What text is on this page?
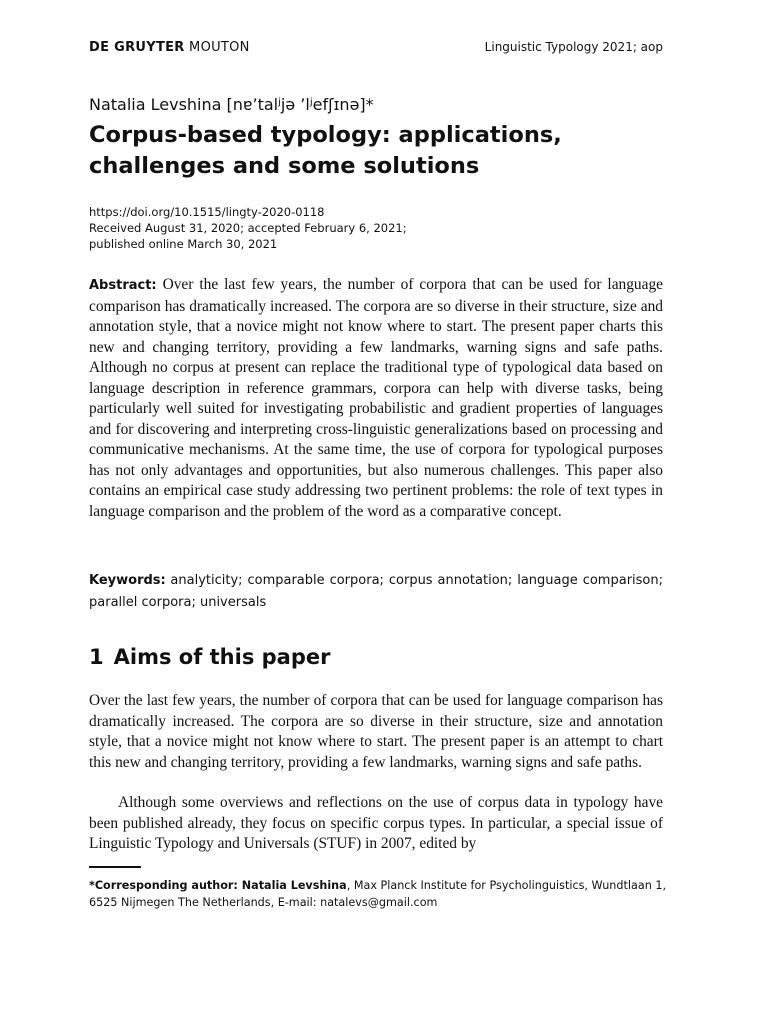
DE GRUYTER MOUTON	Linguistic Typology 2021; aop
Natalia Levshina [nɐ’talʲjə ’lʲefʃɪnə]*
Corpus-based typology: applications, challenges and some solutions
https://doi.org/10.1515/lingty-2020-0118
Received August 31, 2020; accepted February 6, 2021;
published online March 30, 2021
Abstract: Over the last few years, the number of corpora that can be used for language comparison has dramatically increased. The corpora are so diverse in their structure, size and annotation style, that a novice might not know where to start. The present paper charts this new and changing territory, providing a few landmarks, warning signs and safe paths. Although no corpus at present can replace the traditional type of typological data based on language description in reference grammars, corpora can help with diverse tasks, being particularly well suited for investigating probabilistic and gradient properties of languages and for discovering and interpreting cross-linguistic generalizations based on processing and communicative mechanisms. At the same time, the use of corpora for typological purposes has not only advantages and opportunities, but also numerous challenges. This paper also contains an empirical case study addressing two pertinent problems: the role of text types in language comparison and the problem of the word as a comparative concept.
Keywords: analyticity; comparable corpora; corpus annotation; language comparison; parallel corpora; universals
1 Aims of this paper
Over the last few years, the number of corpora that can be used for language comparison has dramatically increased. The corpora are so diverse in their structure, size and annotation style, that a novice might not know where to start. The present paper is an attempt to chart this new and changing territory, providing a few landmarks, warning signs and safe paths.
Although some overviews and reflections on the use of corpus data in typology have been published already, they focus on specific corpus types. In particular, a special issue of Linguistic Typology and Universals (STUF) in 2007, edited by
*Corresponding author: Natalia Levshina, Max Planck Institute for Psycholinguistics, Wundtlaan 1, 6525 Nijmegen The Netherlands, E-mail: natalevs@gmail.com
